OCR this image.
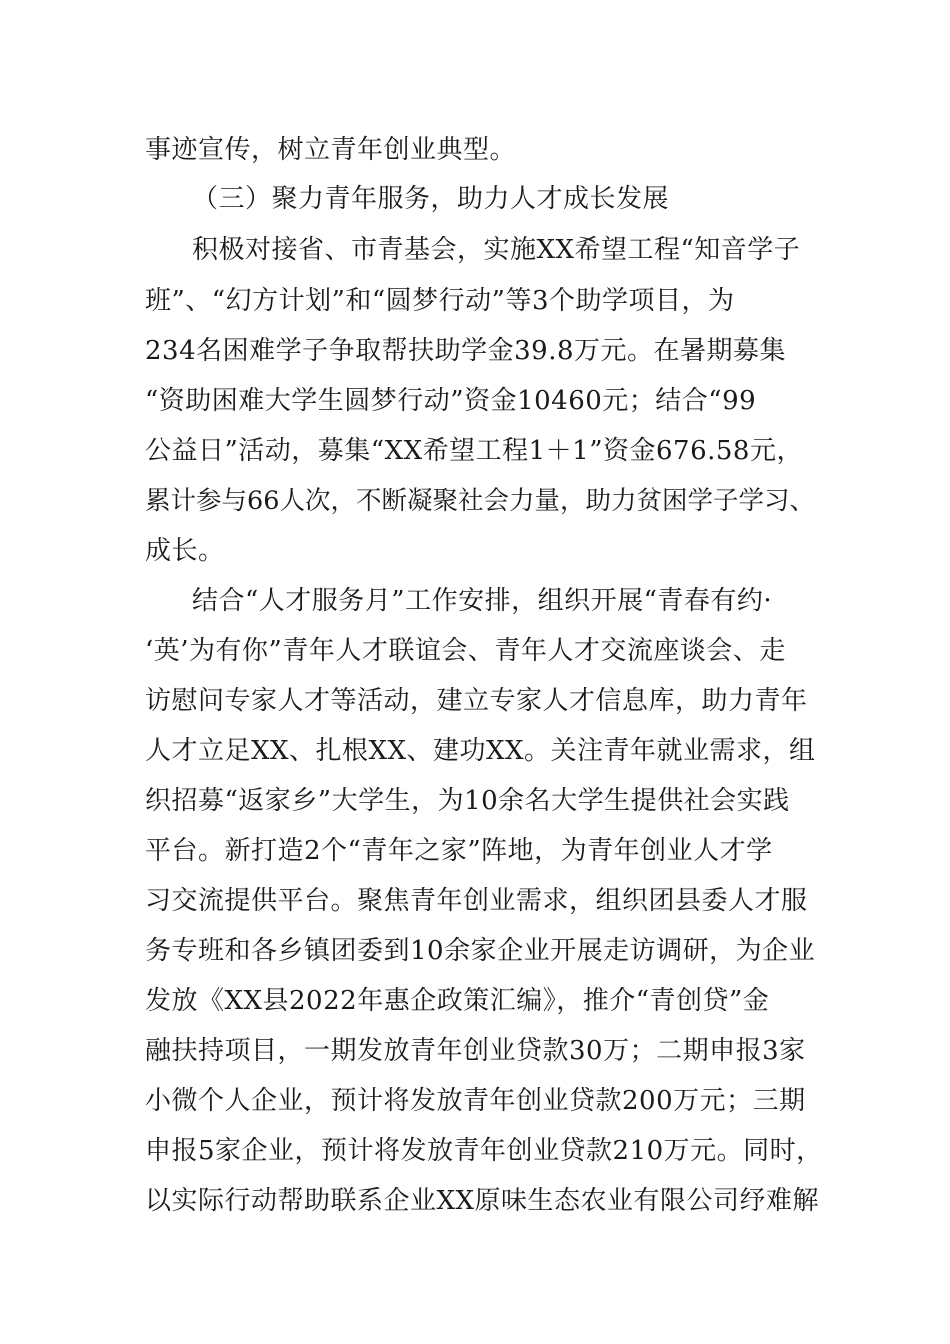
事迹宣传，树立青年创业典型。
（三）聚力青年服务，助力人才成长发展
积极对接省、市青基会，实施XX希望工程“知音学子
班”、“幻方计划”和“圆梦行动”等3个助学项目，为
234名困难学子争取帮扶助学金39.8万元。在暑期募集
“资助困难大学生圆梦行动”资金10460元；结合“99
公益日”活动，募集“XX希望工程1＋1”资金676.58元，
累计参与66人次，不断凝聚社会力量，助力贫困学子学习、
成长。
结合“人才服务月”工作安排，组织开展“青春有约·
‘英’为有你”青年人才联谊会、青年人才交流座谈会、走
访慰问专家人才等活动，建立专家人才信息库，助力青年
人才立足XX、扎根XX、建功XX。关注青年就业需求，组
织招募“返家乡”大学生，为10余名大学生提供社会实践
平台。新打造2个“青年之家”阵地，为青年创业人才学
习交流提供平台。聚焦青年创业需求，组织团县委人才服
务专班和各乡镇团委到10余家企业开展走访调研，为企业
发放《XX县2022年惠企政策汇编》，推介“青创贷”金
融扶持项目，一期发放青年创业贷款30万；二期申报3家
小微个人企业，预计将发放青年创业贷款200万元；三期
申报5家企业，预计将发放青年创业贷款210万元。同时，
以实际行动帮助联系企业XX原味生态农业有限公司纾难解
